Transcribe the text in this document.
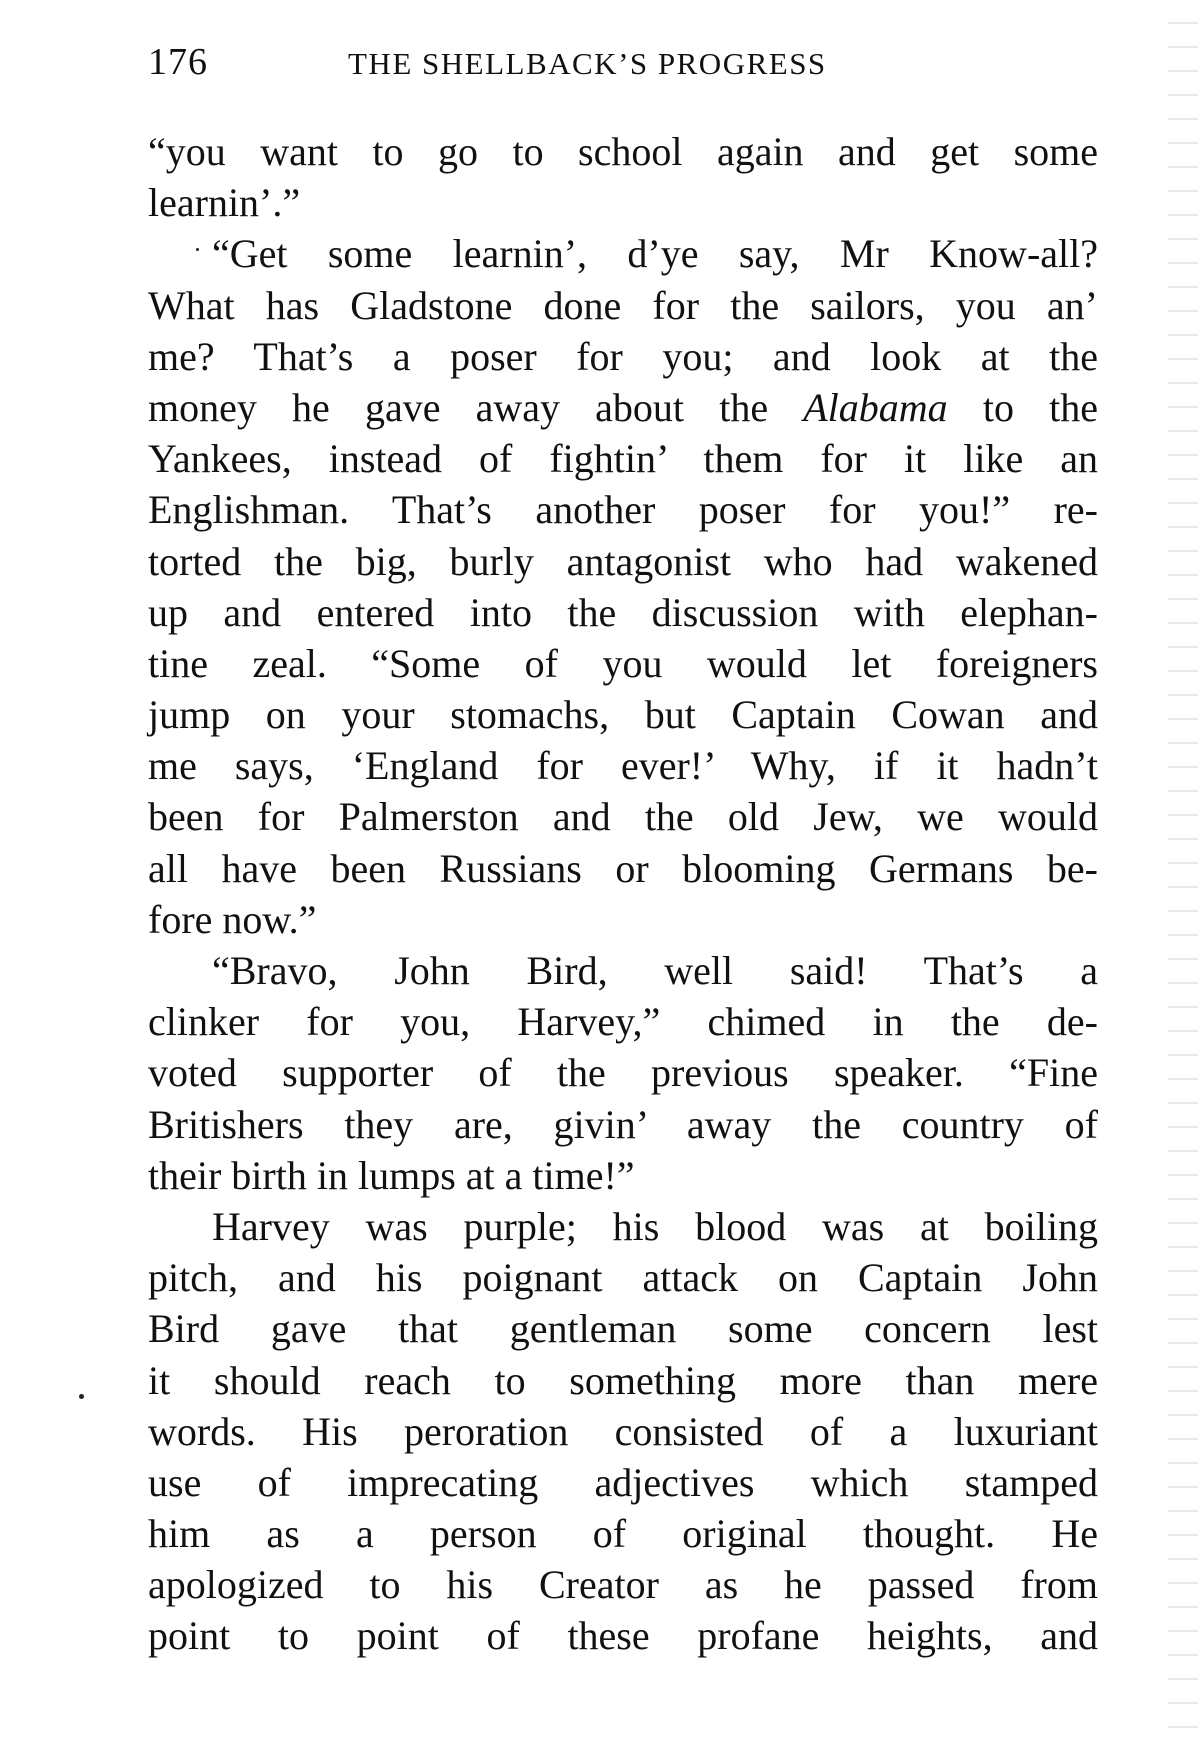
176	THE SHELLBACK’S PROGRESS
“you want to go to school again and get some
learnin’.”
“Get some learnin’, d’ye say, Mr Know-all?
What has Gladstone done for the sailors, you an’
me? That’s a poser for you; and look at the
money he gave away about the Alabama to the
Yankees, instead of fightin’ them for it like an
Englishman. That’s another poser for you!” re-
torted the big, burly antagonist who had wakened
up and entered into the discussion with elephan-
tine zeal. “Some of you would let foreigners
jump on your stomachs, but Captain Cowan and
me says, ‘England for ever!’ Why, if it hadn’t
been for Palmerston and the old Jew, we would
all have been Russians or blooming Germans be-
fore now.”
“Bravo, John Bird, well said! That’s a
clinker for you, Harvey,” chimed in the de-
voted supporter of the previous speaker. “Fine
Britishers they are, givin’ away the country of
their birth in lumps at a time!”
Harvey was purple; his blood was at boiling
pitch, and his poignant attack on Captain John
Bird gave that gentleman some concern lest
it should reach to something more than mere
words. His peroration consisted of a luxuriant
use of imprecating adjectives which stamped
him as a person of original thought. He
apologized to his Creator as he passed from
point to point of these profane heights, and
